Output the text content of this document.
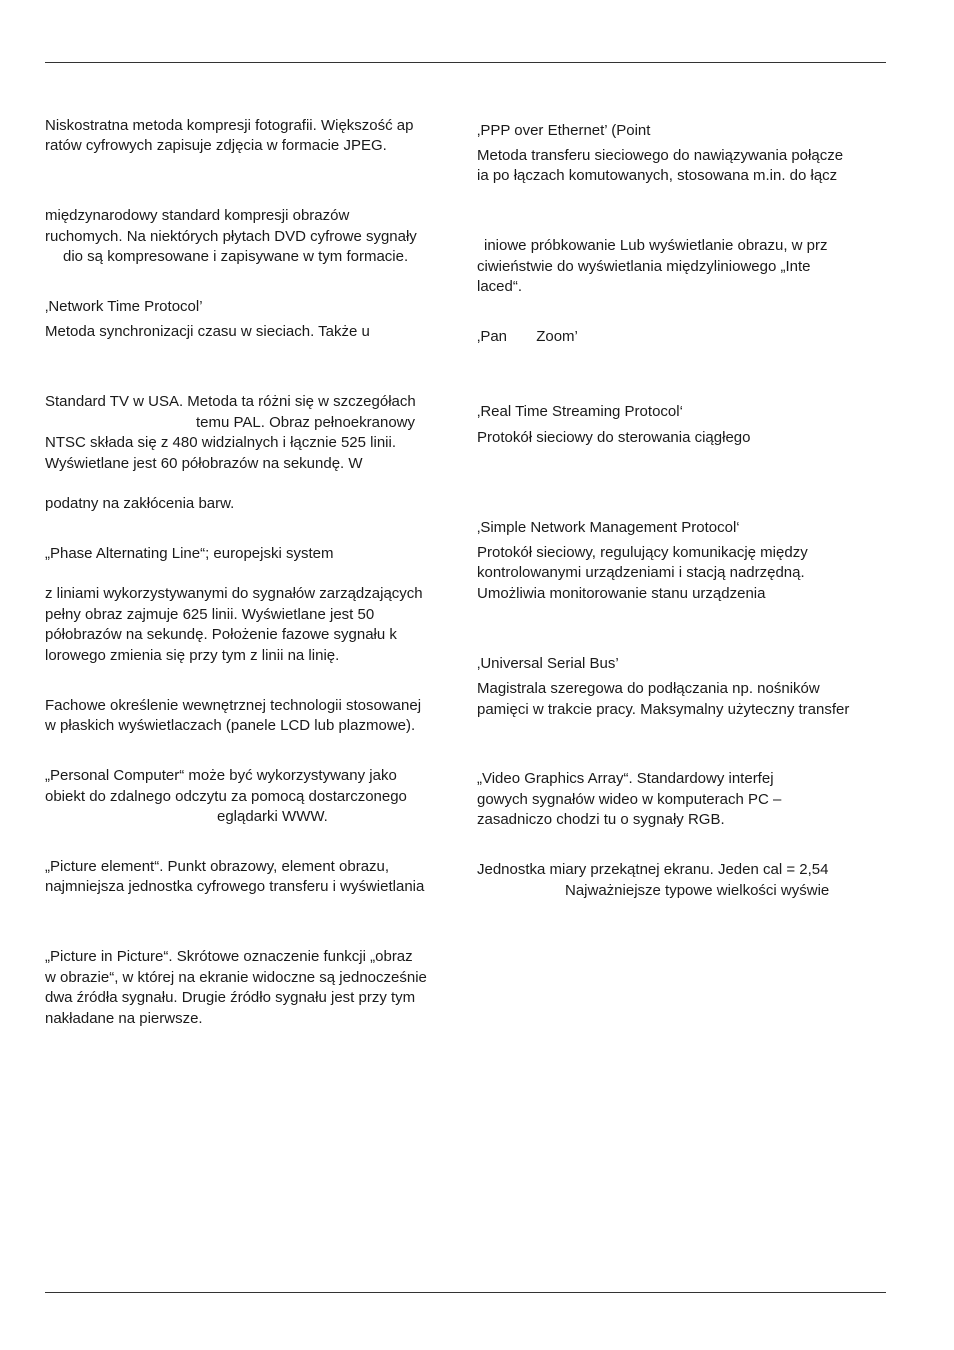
Niskostratna metoda kompresji fotografii. Większość ap
ratów cyfrowych zapisuje zdjęcia w formacie JPEG.
międzynarodowy standard kompresji obrazów
ruchomych. Na niektórych płytach DVD cyfrowe sygnały
dio są kompresowane i zapisywane w tym formacie.
‚Network Time Protocol’
Metoda synchronizacji czasu w sieciach. Także u
Standard TV w USA. Metoda ta różni się w szczegółach
temu PAL. Obraz pełnoekranowy
NTSC składa się z 480 widzialnych i łącznie 525 linii.
Wyświetlane jest 60 półobrazów na sekundę. W
podatny na zakłócenia barw.
„Phase Alternating Line“; europejski system
z liniami wykorzystywanymi do sygnałów zarządzających
pełny obraz zajmuje 625 linii. Wyświetlane jest 50
półobrazów na sekundę. Położenie fazowe sygnału k
lorowego zmienia się przy tym z linii na linię.
Fachowe określenie wewnętrznej technologii stosowanej
w płaskich wyświetlaczach (panele LCD lub plazmowe).
„Personal Computer“ może być wykorzystywany jako
obiekt do zdalnego odczytu za pomocą dostarczonego
eglądarki WWW.
„Picture element“. Punkt obrazowy, element obrazu,
najmniejsza jednostka cyfrowego transferu i wyświetlania
„Picture in Picture“. Skrótowe oznaczenie funkcji „obraz
w obrazie“, w której na ekranie widoczne są jednocześnie
dwa źródła sygnału. Drugie źródło sygnału jest przy tym
nakładane na pierwsze.
‚PPP over Ethernet’ (Point
Metoda transferu sieciowego do nawiązywania połącze
ia po łączach komutowanych, stosowana m.in. do łącz
iniowe próbkowanie Lub wyświetlanie obrazu, w prz
ciwieństwie do wyświetlania międzyliniowego „Inte
laced“.
‚Pan       Zoom’
‚Real Time Streaming Protocol‘
Protokół sieciowy do sterowania ciągłego
‚Simple Network Management Protocol‘
Protokół sieciowy, regulujący komunikację między
kontrolowanymi urządzeniami i stacją nadrzędną.
Umożliwia monitorowanie stanu urządzenia
‚Universal Serial Bus’
Magistrala szeregowa do podłączania np. nośników
pamięci w trakcie pracy. Maksymalny użyteczny transfer
„Video Graphics Array“. Standardowy interfej
gowych sygnałów wideo w komputerach PC –
zasadniczo chodzi tu o sygnały RGB.
Jednostka miary przekątnej ekranu. Jeden cal = 2,54
Najważniejsze typowe wielkości wyświe
